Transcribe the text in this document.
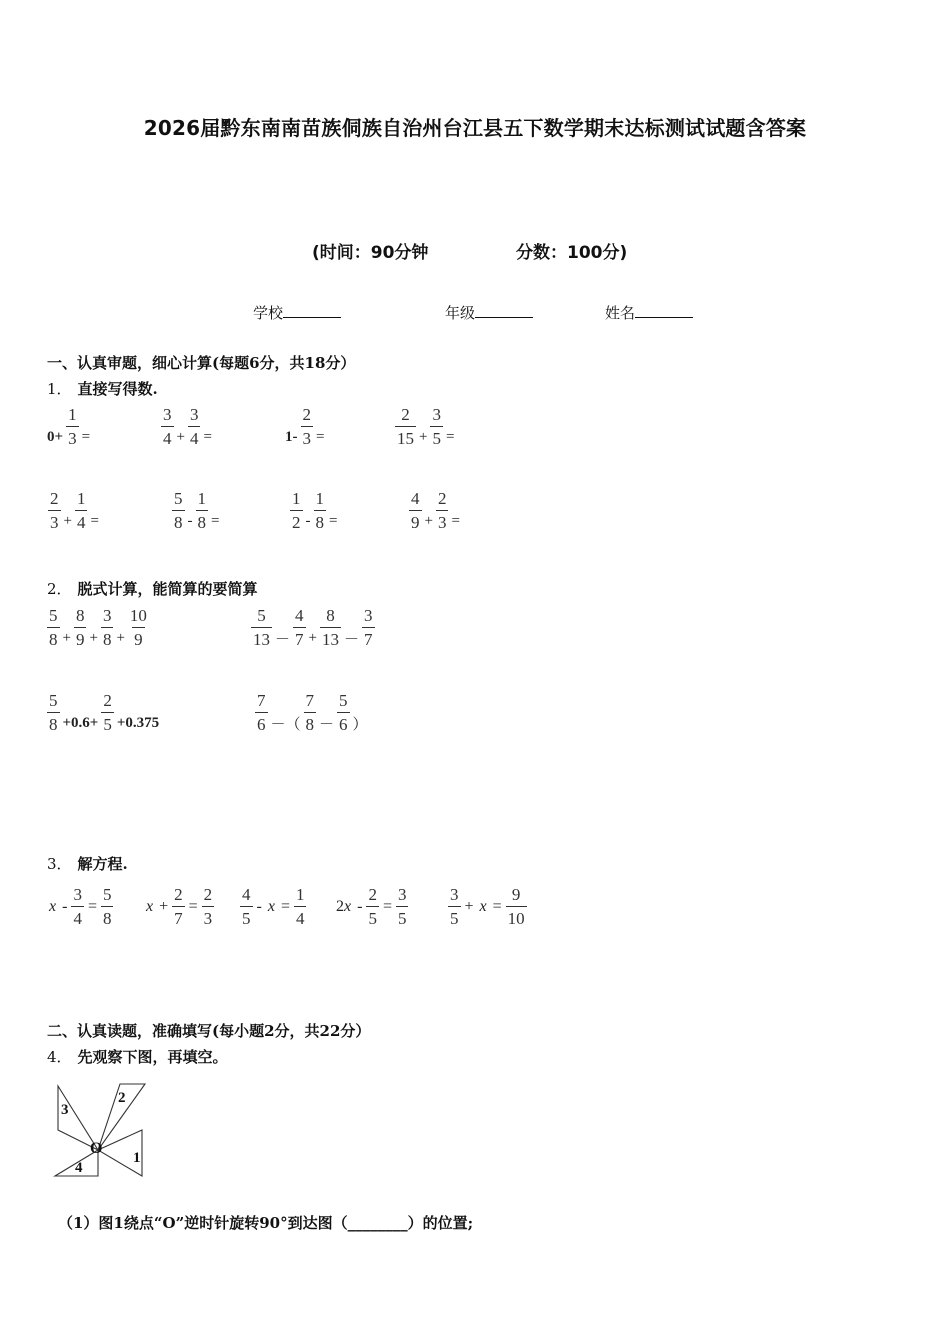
2026届黔东南南苗族侗族自治州台江县五下数学期末达标测试试题含答案
(时间：90分钟	分数：100分)
学校	年级	姓名
一、认真审题，细心计算(每题6分，共18分）
1． 直接写得数.
$0+ \frac{1}{3}$ =	$\frac{3}{4} + \frac{3}{4}$ =	$1- \frac{2}{3}$ =	$\frac{2}{15} + \frac{3}{5}$ =
$\frac{2}{3} + \frac{1}{4}$ =	$\frac{5}{8} - \frac{1}{8}$ =	$\frac{1}{2} - \frac{1}{8}$ =	$\frac{4}{9} + \frac{2}{3}$ =
2． 脱式计算，能简算的要简算
$\frac{5}{8} + \frac{8}{9} + \frac{3}{8} + \frac{10}{9}$	$\frac{5}{13} - \frac{4}{7} + \frac{8}{13} - \frac{3}{7}$
$\frac{5}{8} +0.6+ \frac{2}{5} +0.375$	$\frac{7}{6}$ －（ $\frac{7}{8} - \frac{5}{6}$ ）
3． 解方程.
$x - \frac{3}{4} = \frac{5}{8}$ $x + \frac{2}{7} = \frac{2}{3} \frac{4}{5} - x = \frac{1}{4} 2$ $x - \frac{2}{5} = \frac{3}{5} \frac{3}{5} + x = \frac{9}{10}$
二、认真读题，准确填写(每小题2分，共22分）
4． 先观察下图，再填空。
1
2
3
4
O
（1）图1绕点“O”逆时针旋转90°到达图（________）的位置;
